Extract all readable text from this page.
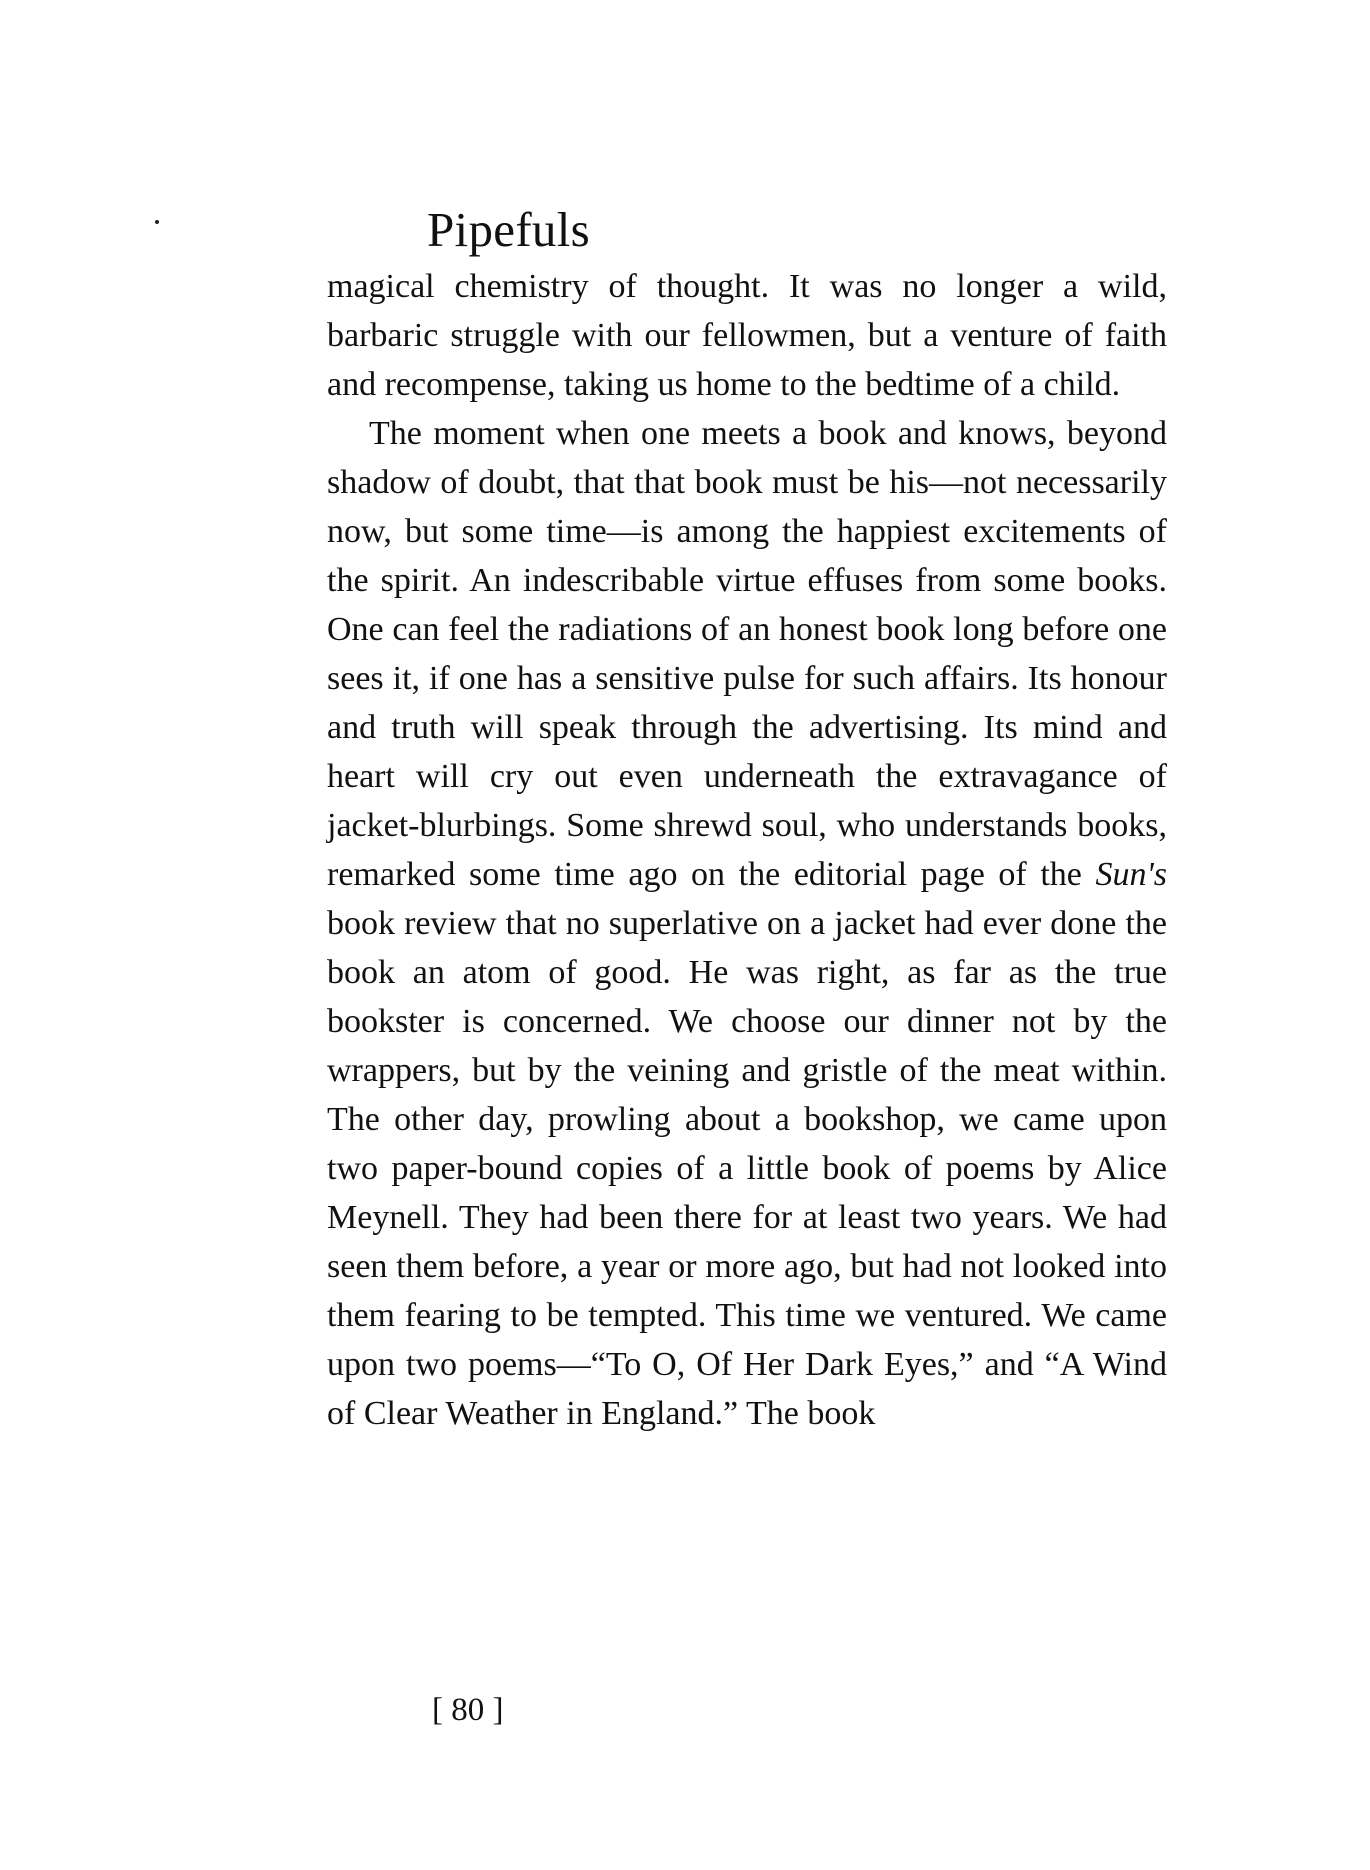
Pipefuls

magical chemistry of thought. It was no longer a wild, barbaric struggle with our fellowmen, but a venture of faith and recompense, taking us home to the bedtime of a child.

The moment when one meets a book and knows, beyond shadow of doubt, that that book must be his—not necessarily now, but some time—is among the happiest excitements of the spirit. An indescribable virtue effuses from some books. One can feel the radiations of an honest book long before one sees it, if one has a sensitive pulse for such affairs. Its honour and truth will speak through the advertising. Its mind and heart will cry out even underneath the extravagance of jacket-blurbings. Some shrewd soul, who understands books, remarked some time ago on the editorial page of the Sun's book review that no superlative on a jacket had ever done the book an atom of good. He was right, as far as the true bookster is concerned. We choose our dinner not by the wrappers, but by the veining and gristle of the meat within. The other day, prowling about a bookshop, we came upon two paper-bound copies of a little book of poems by Alice Meynell. They had been there for at least two years. We had seen them before, a year or more ago, but had not looked into them fearing to be tempted. This time we ventured. We came upon two poems—“To O, Of Her Dark Eyes,” and “A Wind of Clear Weather in England.” The book

[ 80 ]
